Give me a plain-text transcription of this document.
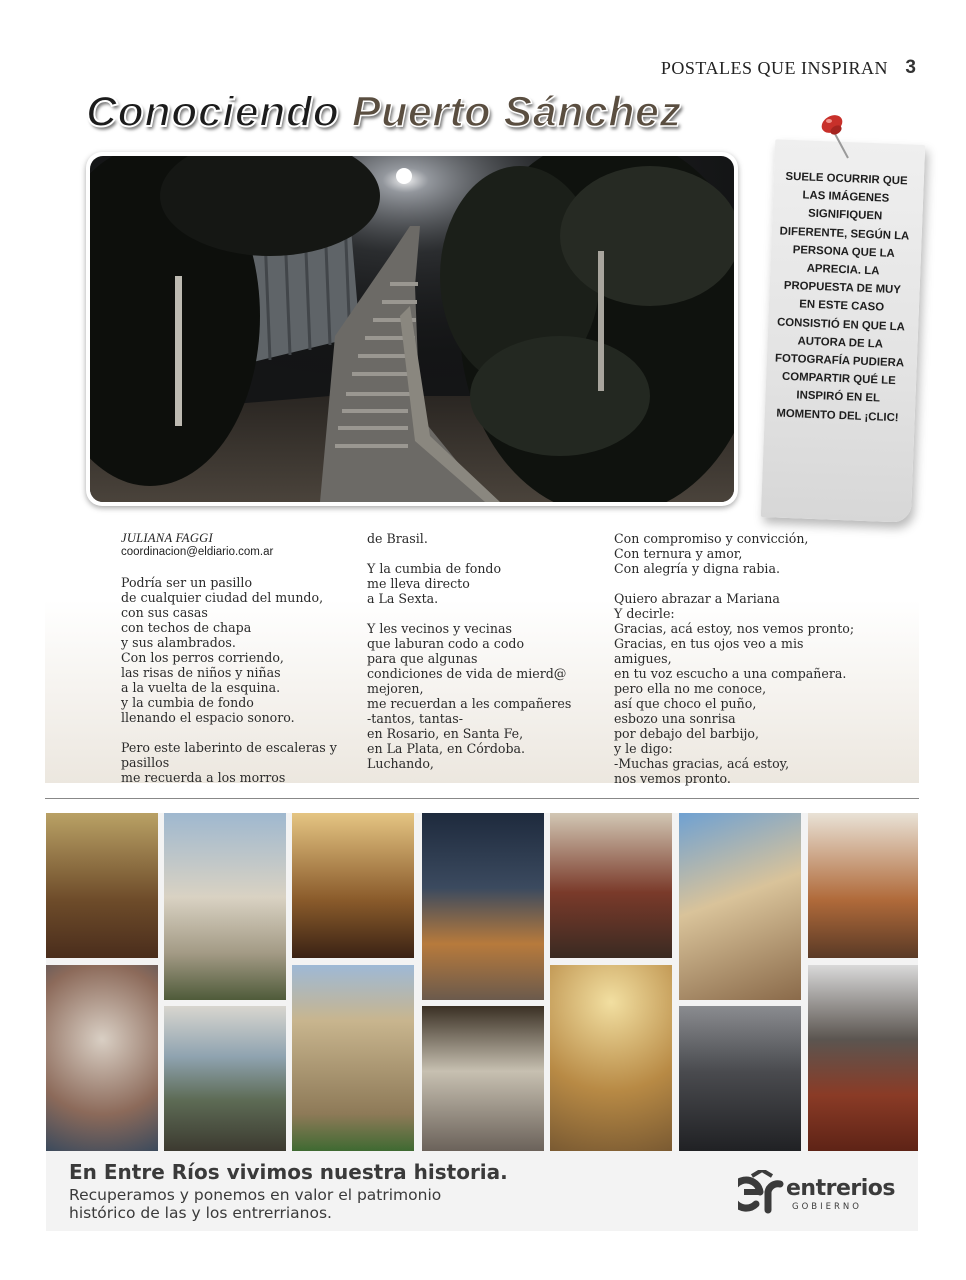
POSTALES QUE INSPIRAN 3
Conociendo Puerto Sánchez
SUELE OCURRIR QUE LAS IMÁGENES SIGNIFIQUEN DIFERENTE, SEGÚN LA PERSONA QUE LA APRECIA. LA PROPUESTA DE MUY EN ESTE CASO CONSISTIÓ EN QUE LA AUTORA DE LA FOTOGRAFÍA PUDIERA COMPARTIR QUÉ LE INSPIRÓ EN EL MOMENTO DEL ¡CLIC!
JULIANA FAGGI
coordinacion@eldiario.com.ar
Podría ser un pasillo
de cualquier ciudad del mundo,
con sus casas
con techos de chapa
y sus alambrados.
Con los perros corriendo,
las risas de niños y niñas
a la vuelta de la esquina.
y la cumbia de fondo
llenando el espacio sonoro.

Pero este laberinto de escaleras y pasillos
me recuerda a los morros
de Brasil.

Y la cumbia de fondo
me lleva directo
a La Sexta.

Y les vecinos y vecinas
que laburan codo a codo
para que algunas
condiciones de vida de mierd@
mejoren,
me recuerdan a les compañeres
-tantos, tantas-
en Rosario, en Santa Fe,
en La Plata, en Córdoba.
Luchando,
Con compromiso y convicción,
Con ternura y amor,
Con alegría y digna rabia.

Quiero abrazar a Mariana
Y decirle:
Gracias, acá estoy, nos vemos pronto;
Gracias, en tus ojos veo a mis amigues,
en tu voz escucho a una compañera.
pero ella no me conoce,
así que choco el puño,
esbozo una sonrisa
por debajo del barbijo,
y le digo:
-Muchas gracias, acá estoy,
nos vemos pronto.
En Entre Ríos vivimos nuestra historia.
Recuperamos y ponemos en valor el patrimonio
histórico de las y los entrerrianos.
entrerios
GOBIERNO
